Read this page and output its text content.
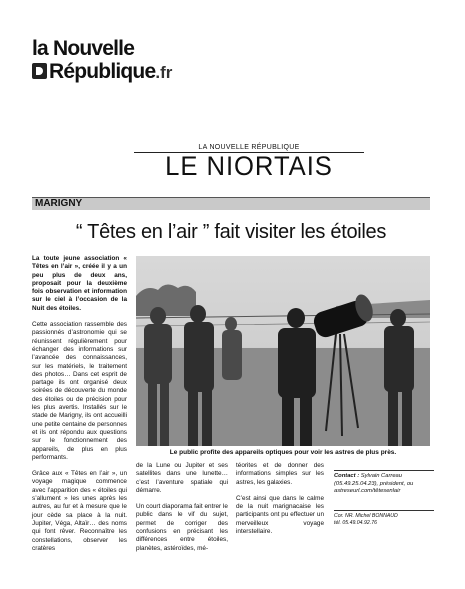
la Nouvelle
République.fr
LA NOUVELLE RÉPUBLIQUE
LE NIORTAIS
MARIGNY
“ Têtes en l’air ” fait visiter les étoiles

La toute jeune association « Têtes en l’air », créée il y a un peu plus de deux ans, proposait pour la deuxième fois observation et information sur le ciel à l’occasion de la Nuit des étoiles.

Cette association rassemble des passionnés d’astronomie qui se réunissent régulièrement pour échanger des informations sur l’avancée des connaissances, sur les matériels, le traitement des photos… Dans cet esprit de partage ils ont organisé deux soirées de découverte du monde des étoiles ou de précision pour les plus avertis. Installés sur le stade de Marigny, ils ont accueilli une petite centaine de personnes et ils ont répondu aux questions sur le fonctionnement des appareils, de plus en plus performants.

Grâce aux « Têtes en l’air », un voyage magique commence avec l’apparition des « étoiles qui s’allument » les unes après les autres, au fur et à mesure que le jour cède sa place à la nuit. Jupiter, Véga, Altaïr… des noms qui font rêver. Reconnaître les constellations, observer les cratères

Le public profite des appareils optiques pour voir les astres de plus près.

de la Lune ou Jupiter et ses satellites dans une lunette… c’est l’aventure spatiale qui démarre.

Un court diaporama fait entrer le public dans le vif du sujet, permet de corriger des confusions en précisant les différences entre étoiles, planètes, astéroïdes, mé-

téorites et de donner des informations simples sur les astres, les galaxies.

C’est ainsi que dans le calme de la nuit marignacaise les participants ont pu effectuer un merveilleux voyage interstellaire.

Contact : Sylvain Carreau (05.49.25.04.23), président, ou astreseurl.com/têtesenlair
Cor. NR. Michel BONNAUD
tél. 05.49.04.92.76
